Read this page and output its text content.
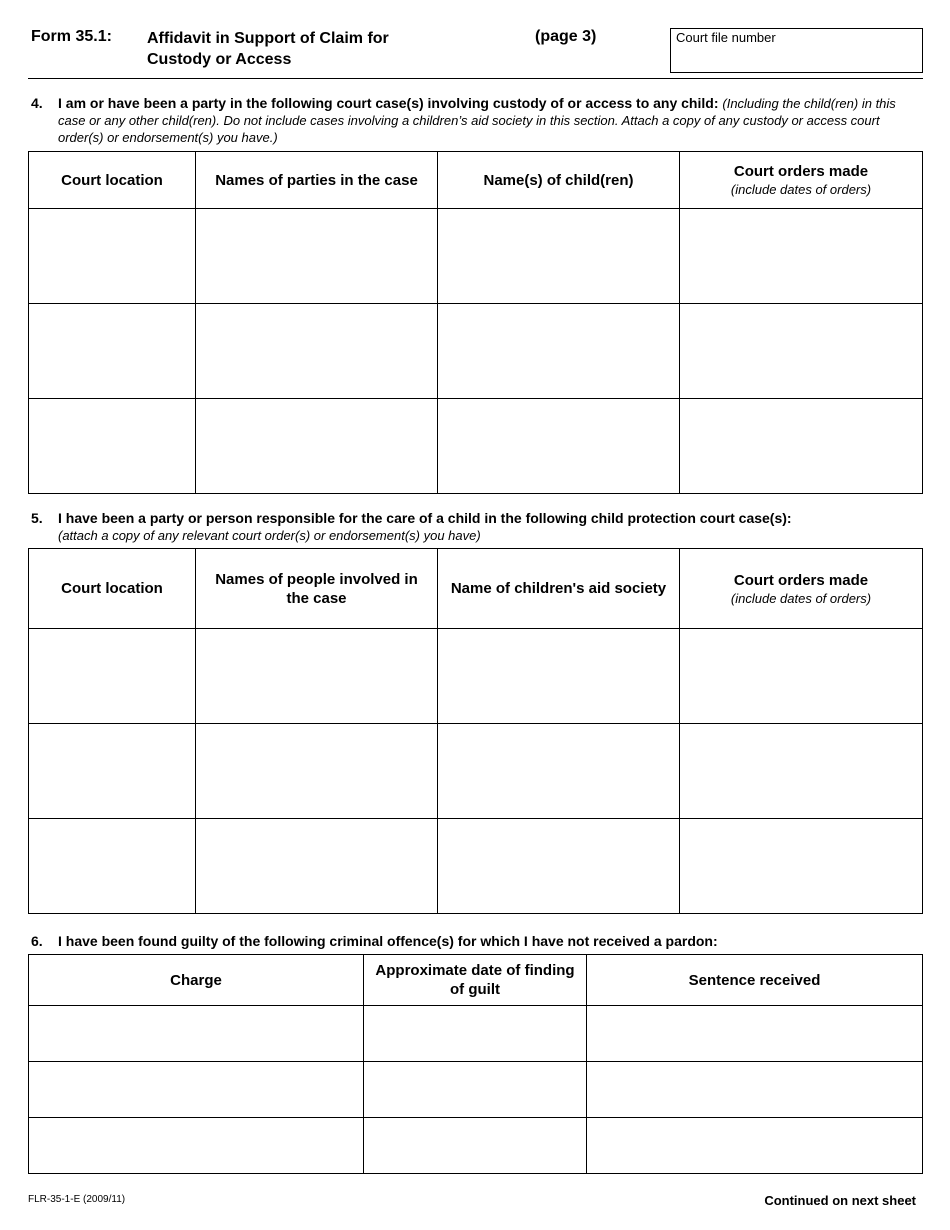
Form 35.1: Affidavit in Support of Claim for
Custody or Access
(page 3)	Court file number
4. I am or have been a party in the following court case(s) involving custody of or access to any child: (Including the child(ren) in this case or any other child(ren). Do not include cases involving a children’s aid society in this section. Attach a copy of any custody or access court order(s) or endorsement(s) you have.)
Court location	Names of parties in the case	Name(s) of child(ren)	Court orders made
(include dates of orders)

5. I have been a party or person responsible for the care of a child in the following child protection court case(s):
(attach a copy of any relevant court order(s) or endorsement(s) you have)
Court location	Names of people involved in the case	Name of children's aid society	Court orders made
(include dates of orders)

6. I have been found guilty of the following criminal offence(s) for which I have not received a pardon:
Charge	Approximate date of finding of guilt	Sentence received

FLR-35-1-E (2009/11)	Continued on next sheet
